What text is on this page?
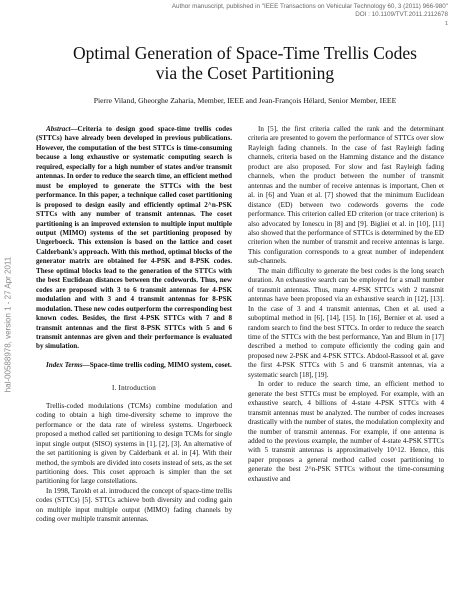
Author manuscript, published in "IEEE Transactions on Vehicular Technology 60, 3 (2011) 966-980"
DOI : 10.1109/TVT.2011.2112678
1
hal-00588978, version 1 - 27 Apr 2011
Optimal Generation of Space-Time Trellis Codes
via the Coset Partitioning
Pierre Viland, Gheorghe Zaharia, Member, IEEE and Jean-François Hélard, Senior Member, IEEE

Abstract—Criteria to design good space-time trellis codes (STTCs) have already been developed in previous publications. However, the computation of the best STTCs is time-consuming because a long exhaustive or systematic computing search is required, especially for a high number of states and/or transmit antennas. In order to reduce the search time, an efficient method must be employed to generate the STTCs with the best performance. In this paper, a technique called coset partitioning is proposed to design easily and efficiently optimal 2^n-PSK STTCs with any number of transmit antennas. The coset partitioning is an improved extension to multiple input multiple output (MIMO) systems of the set partitioning proposed by Ungerboeck. This extension is based on the lattice and coset Calderbank's approach. With this method, optimal blocks of the generator matrix are obtained for 4-PSK and 8-PSK codes. These optimal blocks lead to the generation of the STTCs with the best Euclidean distances between the codewords. Thus, new codes are proposed with 3 to 6 transmit antennas for 4-PSK modulation and with 3 and 4 transmit antennas for 8-PSK modulation. These new codes outperform the corresponding best known codes. Besides, the first 4-PSK STTCs with 7 and 8 transmit antennas and the first 8-PSK STTCs with 5 and 6 transmit antennas are given and their performance is evaluated by simulation.

Index Terms—Space-time trellis coding, MIMO system, coset.

I. Introduction

Trellis-coded modulations (TCMs) combine modulation and coding to obtain a high time-diversity scheme to improve the performance or the data rate of wireless systems. Ungerboeck proposed a method called set partitioning to design TCMs for single input single output (SISO) systems in [1], [2], [3]. An alternative of the set partitioning is given by Calderbank et al. in [4]. With their method, the symbols are divided into cosets instead of sets, as the set partitioning does. This coset approach is simpler than the set partitioning for large constellations.

In 1998, Tarokh et al. introduced the concept of space-time trellis codes (STTCs) [5]. STTCs achieve both diversity and coding gain on multiple input multiple output (MIMO) fading channels by coding over multiple transmit antennas.

In [5], the first criteria called the rank and the determinant criteria are presented to govern the performance of STTCs over slow Rayleigh fading channels. In the case of fast Rayleigh fading channels, criteria based on the Hamming distance and the distance product are also proposed. For slow and fast Rayleigh fading channels, when the product between the number of transmit antennas and the number of receive antennas is important, Chen et al. in [6] and Yuan et al. [7] showed that the minimum Euclidean distance (ED) between two codewords governs the code performance. This criterion called ED criterion (or trace criterion) is also advocated by Ionescu in [8] and [9]. Bigliei et al. in [10], [11] also showed that the performance of STTCs is determined by the ED criterion when the number of transmit and receive antennas is large. This configuration corresponds to a great number of independent sub-channels.

The main difficulty to generate the best codes is the long search duration. An exhaustive search can be employed for a small number of transmit antennas. Thus, many 4-PSK STTCs with 2 transmit antennas have been proposed via an exhaustive search in [12], [13]. In the case of 3 and 4 transmit antennas, Chen et al. used a suboptimal method in [6], [14], [15]. In [16], Bernier et al. used a random search to find the best STTCs. In order to reduce the search time of the STTCs with the best performance, Yan and Blum in [17] described a method to compute efficiently the coding gain and proposed new 2-PSK and 4-PSK STTCs. Abdool-Rassool et al. gave the first 4-PSK STTCs with 5 and 6 transmit antennas, via a systematic search [18], [19].

In order to reduce the search time, an efficient method to generate the best STTCs must be employed. For example, with an exhaustive search, 4 billions of 4-state 4-PSK STTCs with 4 transmit antennas must be analyzed. The number of codes increases drastically with the number of states, the modulation complexity and the number of transmit antennas. For example, if one antenna is added to the previous example, the number of 4-state 4-PSK STTCs with 5 transmit antennas is approximatively 10^12. Hence, this paper proposes a general method called coset partitioning to generate the best 2^n-PSK STTCs without the time-consuming exhaustive and
